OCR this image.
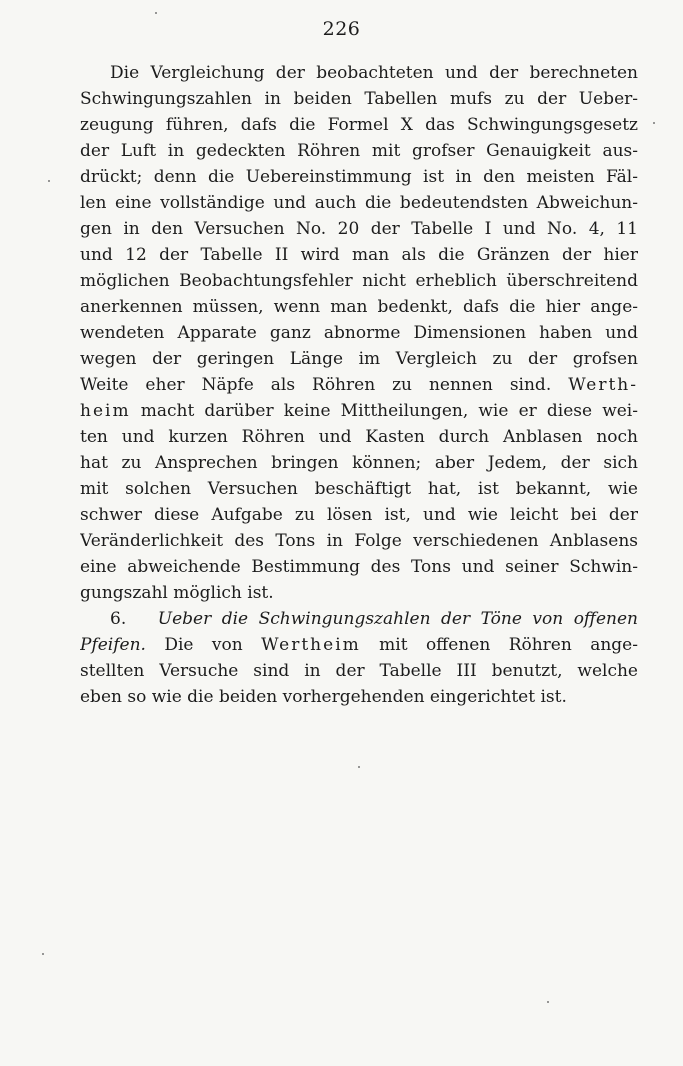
226
Die Vergleichung der beobachteten und der berechneten
Schwingungszahlen in beiden Tabellen mufs zu der Ueber-
zeugung führen, dafs die Formel X das Schwingungsgesetz
der Luft in gedeckten Röhren mit grofser Genauigkeit aus-
drückt; denn die Uebereinstimmung ist in den meisten Fäl-
len eine vollständige und auch die bedeutendsten Abweichun-
gen in den Versuchen No. 20 der Tabelle I und No. 4, 11
und 12 der Tabelle II wird man als die Gränzen der hier
möglichen Beobachtungsfehler nicht erheblich überschreitend
anerkennen müssen, wenn man bedenkt, dafs die hier ange-
wendeten Apparate ganz abnorme Dimensionen haben und
wegen der geringen Länge im Vergleich zu der grofsen
Weite eher Näpfe als Röhren zu nennen sind. Werth-
heim macht darüber keine Mittheilungen, wie er diese wei-
ten und kurzen Röhren und Kasten durch Anblasen noch
hat zu Ansprechen bringen können; aber Jedem, der sich
mit solchen Versuchen beschäftigt hat, ist bekannt, wie
schwer diese Aufgabe zu lösen ist, und wie leicht bei der
Veränderlichkeit des Tons in Folge verschiedenen Anblasens
eine abweichende Bestimmung des Tons und seiner Schwin-
gungszahl möglich ist.
6. Ueber die Schwingungszahlen der Töne von offenen
Pfeifen. Die von Wertheim mit offenen Röhren ange-
stellten Versuche sind in der Tabelle III benutzt, welche
eben so wie die beiden vorhergehenden eingerichtet ist.
